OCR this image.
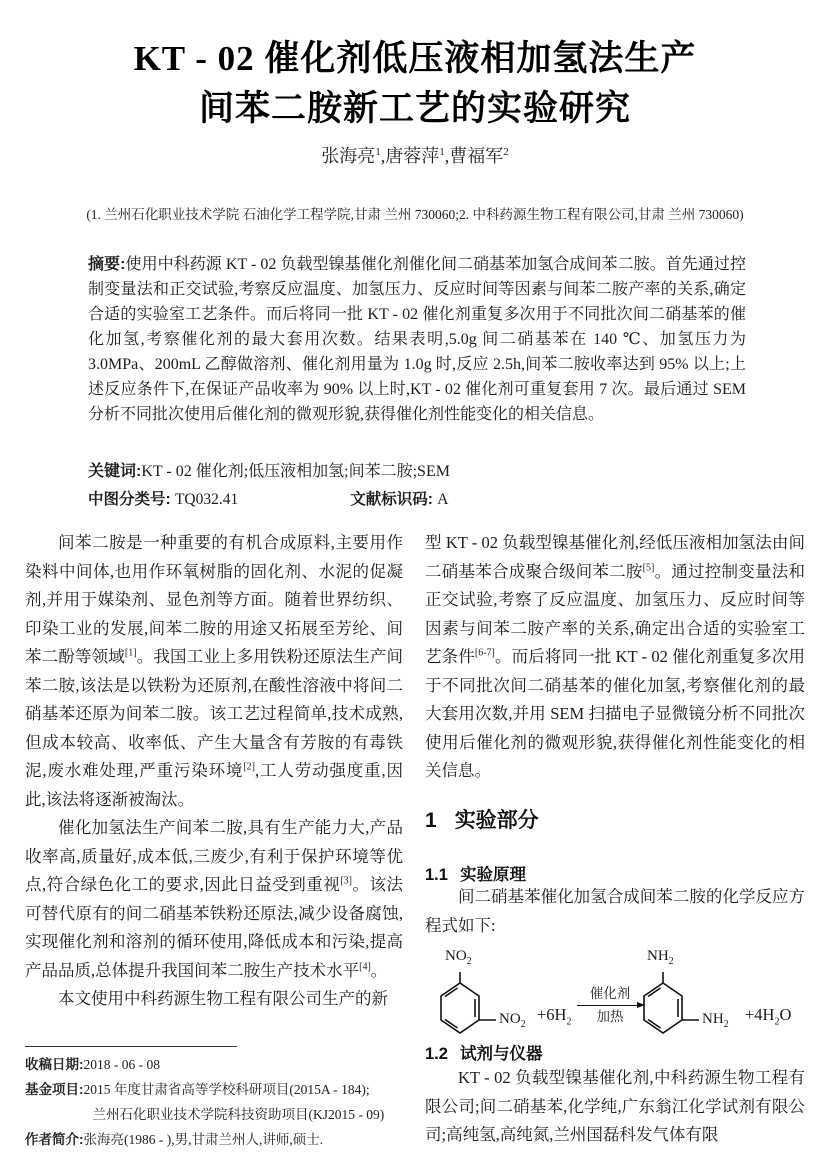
KT - 02 催化剂低压液相加氢法生产
间苯二胺新工艺的实验研究
张海亮$^1$,唐蓉萍$^1$,曹福军$^2$
(1. 兰州石化职业技术学院 石油化学工程学院,甘肃 兰州 730060;2. 中科药源生物工程有限公司,甘肃 兰州 730060)
摘要:使用中科药源 KT - 02 负载型镍基催化剂催化间二硝基苯加氢合成间苯二胺。首先通过控制变量法和正交试验,考察反应温度、加氢压力、反应时间等因素与间苯二胺产率的关系,确定合适的实验室工艺条件。而后将同一批 KT - 02 催化剂重复多次用于不同批次间二硝基苯的催化加氢,考察催化剂的最大套用次数。结果表明,5.0g 间二硝基苯在 140 ℃、加氢压力为 3.0MPa、200mL 乙醇做溶剂、催化剂用量为 1.0g 时,反应 2.5h,间苯二胺收率达到 95% 以上;上述反应条件下,在保证产品收率为 90% 以上时,KT - 02 催化剂可重复套用 7 次。最后通过 SEM 分析不同批次使用后催化剂的微观形貌,获得催化剂性能变化的相关信息。
关键词:KT - 02 催化剂;低压液相加氢;间苯二胺;SEM
中图分类号: TQ032.41	文献标识码: A

间苯二胺是一种重要的有机合成原料,主要用作染料中间体,也用作环氧树脂的固化剂、水泥的促凝剂,并用于媒染剂、显色剂等方面。随着世界纺织、印染工业的发展,间苯二胺的用途又拓展至芳纶、间苯二酚等领域[1]。我国工业上多用铁粉还原法生产间苯二胺,该法是以铁粉为还原剂,在酸性溶液中将间二硝基苯还原为间苯二胺。该工艺过程简单,技术成熟,但成本较高、收率低、产生大量含有芳胺的有毒铁泥,废水难处理,严重污染环境[2],工人劳动强度重,因此,该法将逐渐被淘汰。

催化加氢法生产间苯二胺,具有生产能力大,产品收率高,质量好,成本低,三废少,有利于保护环境等优点,符合绿色化工的要求,因此日益受到重视[3]。该法可替代原有的间二硝基苯铁粉还原法,减少设备腐蚀,实现催化剂和溶剂的循环使用,降低成本和污染,提高产品品质,总体提升我国间苯二胺生产技术水平[4]。

本文使用中科药源生物工程有限公司生产的新

收稿日期:2018 - 06 - 08

基金项目:2015 年度甘肃省高等学校科研项目(2015A - 184);

兰州石化职业技术学院科技资助项目(KJ2015 - 09)

作者简介:张海亮(1986 - ),男,甘肃兰州人,讲师,硕士.

型 KT - 02 负载型镍基催化剂,经低压液相加氢法由间二硝基苯合成聚合级间苯二胺[5]。通过控制变量法和正交试验,考察了反应温度、加氢压力、反应时间等因素与间苯二胺产率的关系,确定出合适的实验室工艺条件[6-7]。而后将同一批 KT - 02 催化剂重复多次用于不同批次间二硝基苯的催化加氢,考察催化剂的最大套用次数,并用 SEM 扫描电子显微镜分析不同批次使用后催化剂的微观形貌,获得催化剂性能变化的相关信息。
1 实验部分
1.1 实验原理
间二硝基苯催化加氢合成间苯二胺的化学反应方程式如下:
$NO_2$
$NO_2$
$+6H_2$
催化剂
加热
$NH_2$
$NH_2$
$+4H_2O$
1.2 试剂与仪器
KT - 02 负载型镍基催化剂,中科药源生物工程有限公司;间二硝基苯,化学纯,广东翁江化学试剂有限公司;高纯氢,高纯氮,兰州国磊科发气体有限
